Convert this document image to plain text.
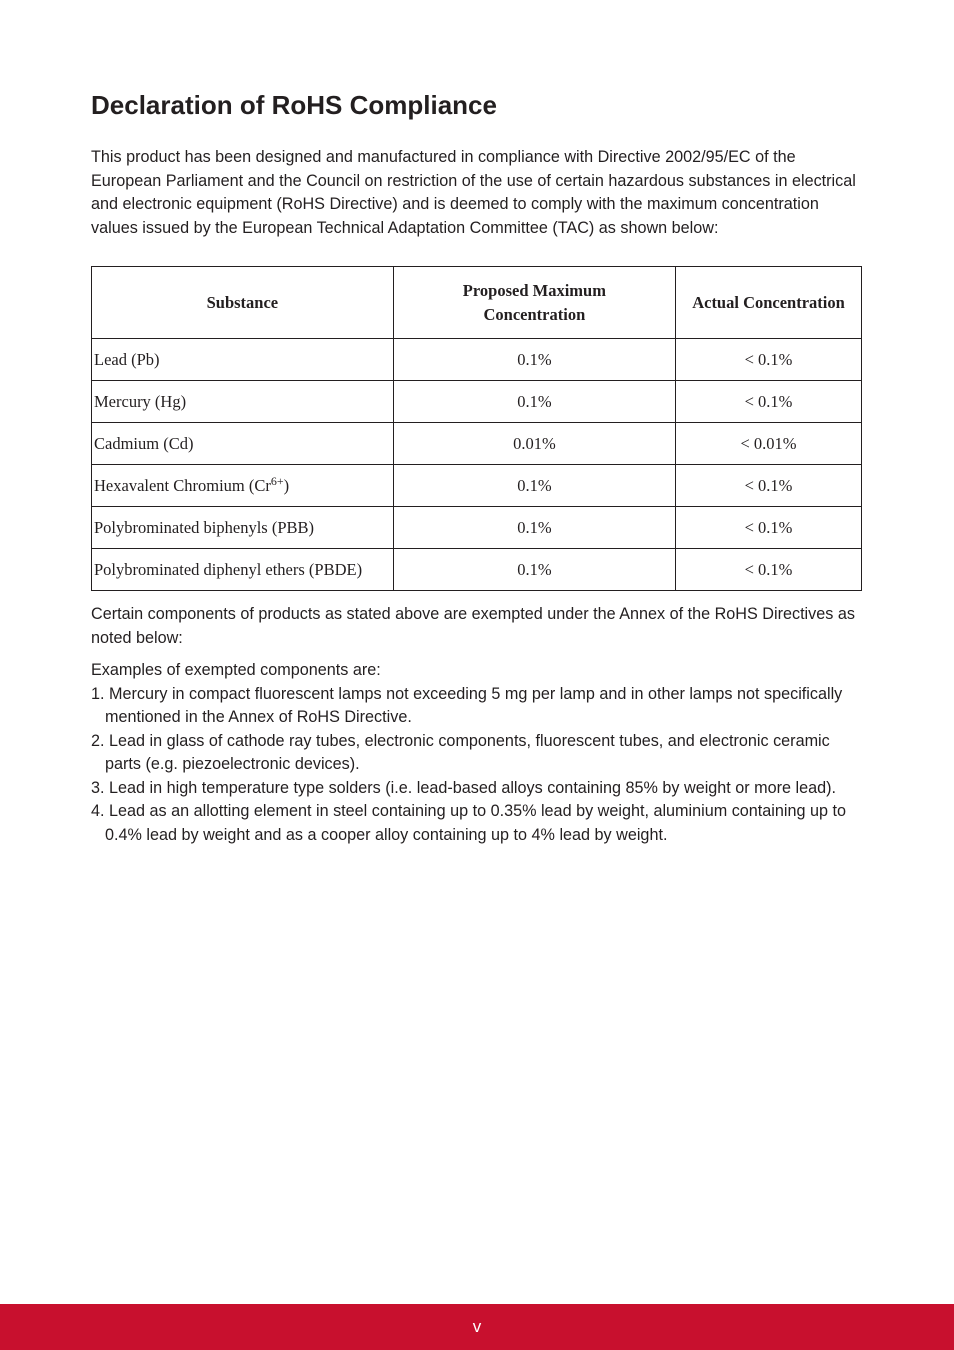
Declaration of RoHS Compliance

This product has been designed and manufactured in compliance with Directive 2002/95/EC of the European Parliament and the Council on restriction of the use of certain hazardous substances in electrical and electronic equipment (RoHS Directive) and is deemed to comply with the maximum concentration values issued by the European Technical Adaptation Committee (TAC) as shown below:

Substance	Proposed Maximum Concentration	Actual Concentration
Lead (Pb)	0.1%	< 0.1%
Mercury (Hg)	0.1%	< 0.1%
Cadmium (Cd)	0.01%	< 0.01%
Hexavalent Chromium $(Cr^{6+})$	0.1%	< 0.1%
Polybrominated biphenyls (PBB)	0.1%	< 0.1%
Polybrominated diphenyl ethers (PBDE)	0.1%	< 0.1%

Certain components of products as stated above are exempted under the Annex of the RoHS Directives as noted below:

Examples of exempted components are:
1. Mercury in compact fluorescent lamps not exceeding 5 mg per lamp and in other lamps not specifically mentioned in the Annex of RoHS Directive.
2. Lead in glass of cathode ray tubes, electronic components, fluorescent tubes, and electronic ceramic parts (e.g. piezoelectronic devices).
3. Lead in high temperature type solders (i.e. lead-based alloys containing 85% by weight or more lead).
4. Lead as an allotting element in steel containing up to 0.35% lead by weight, aluminium containing up to 0.4% lead by weight and as a cooper alloy containing up to 4% lead by weight.
v
